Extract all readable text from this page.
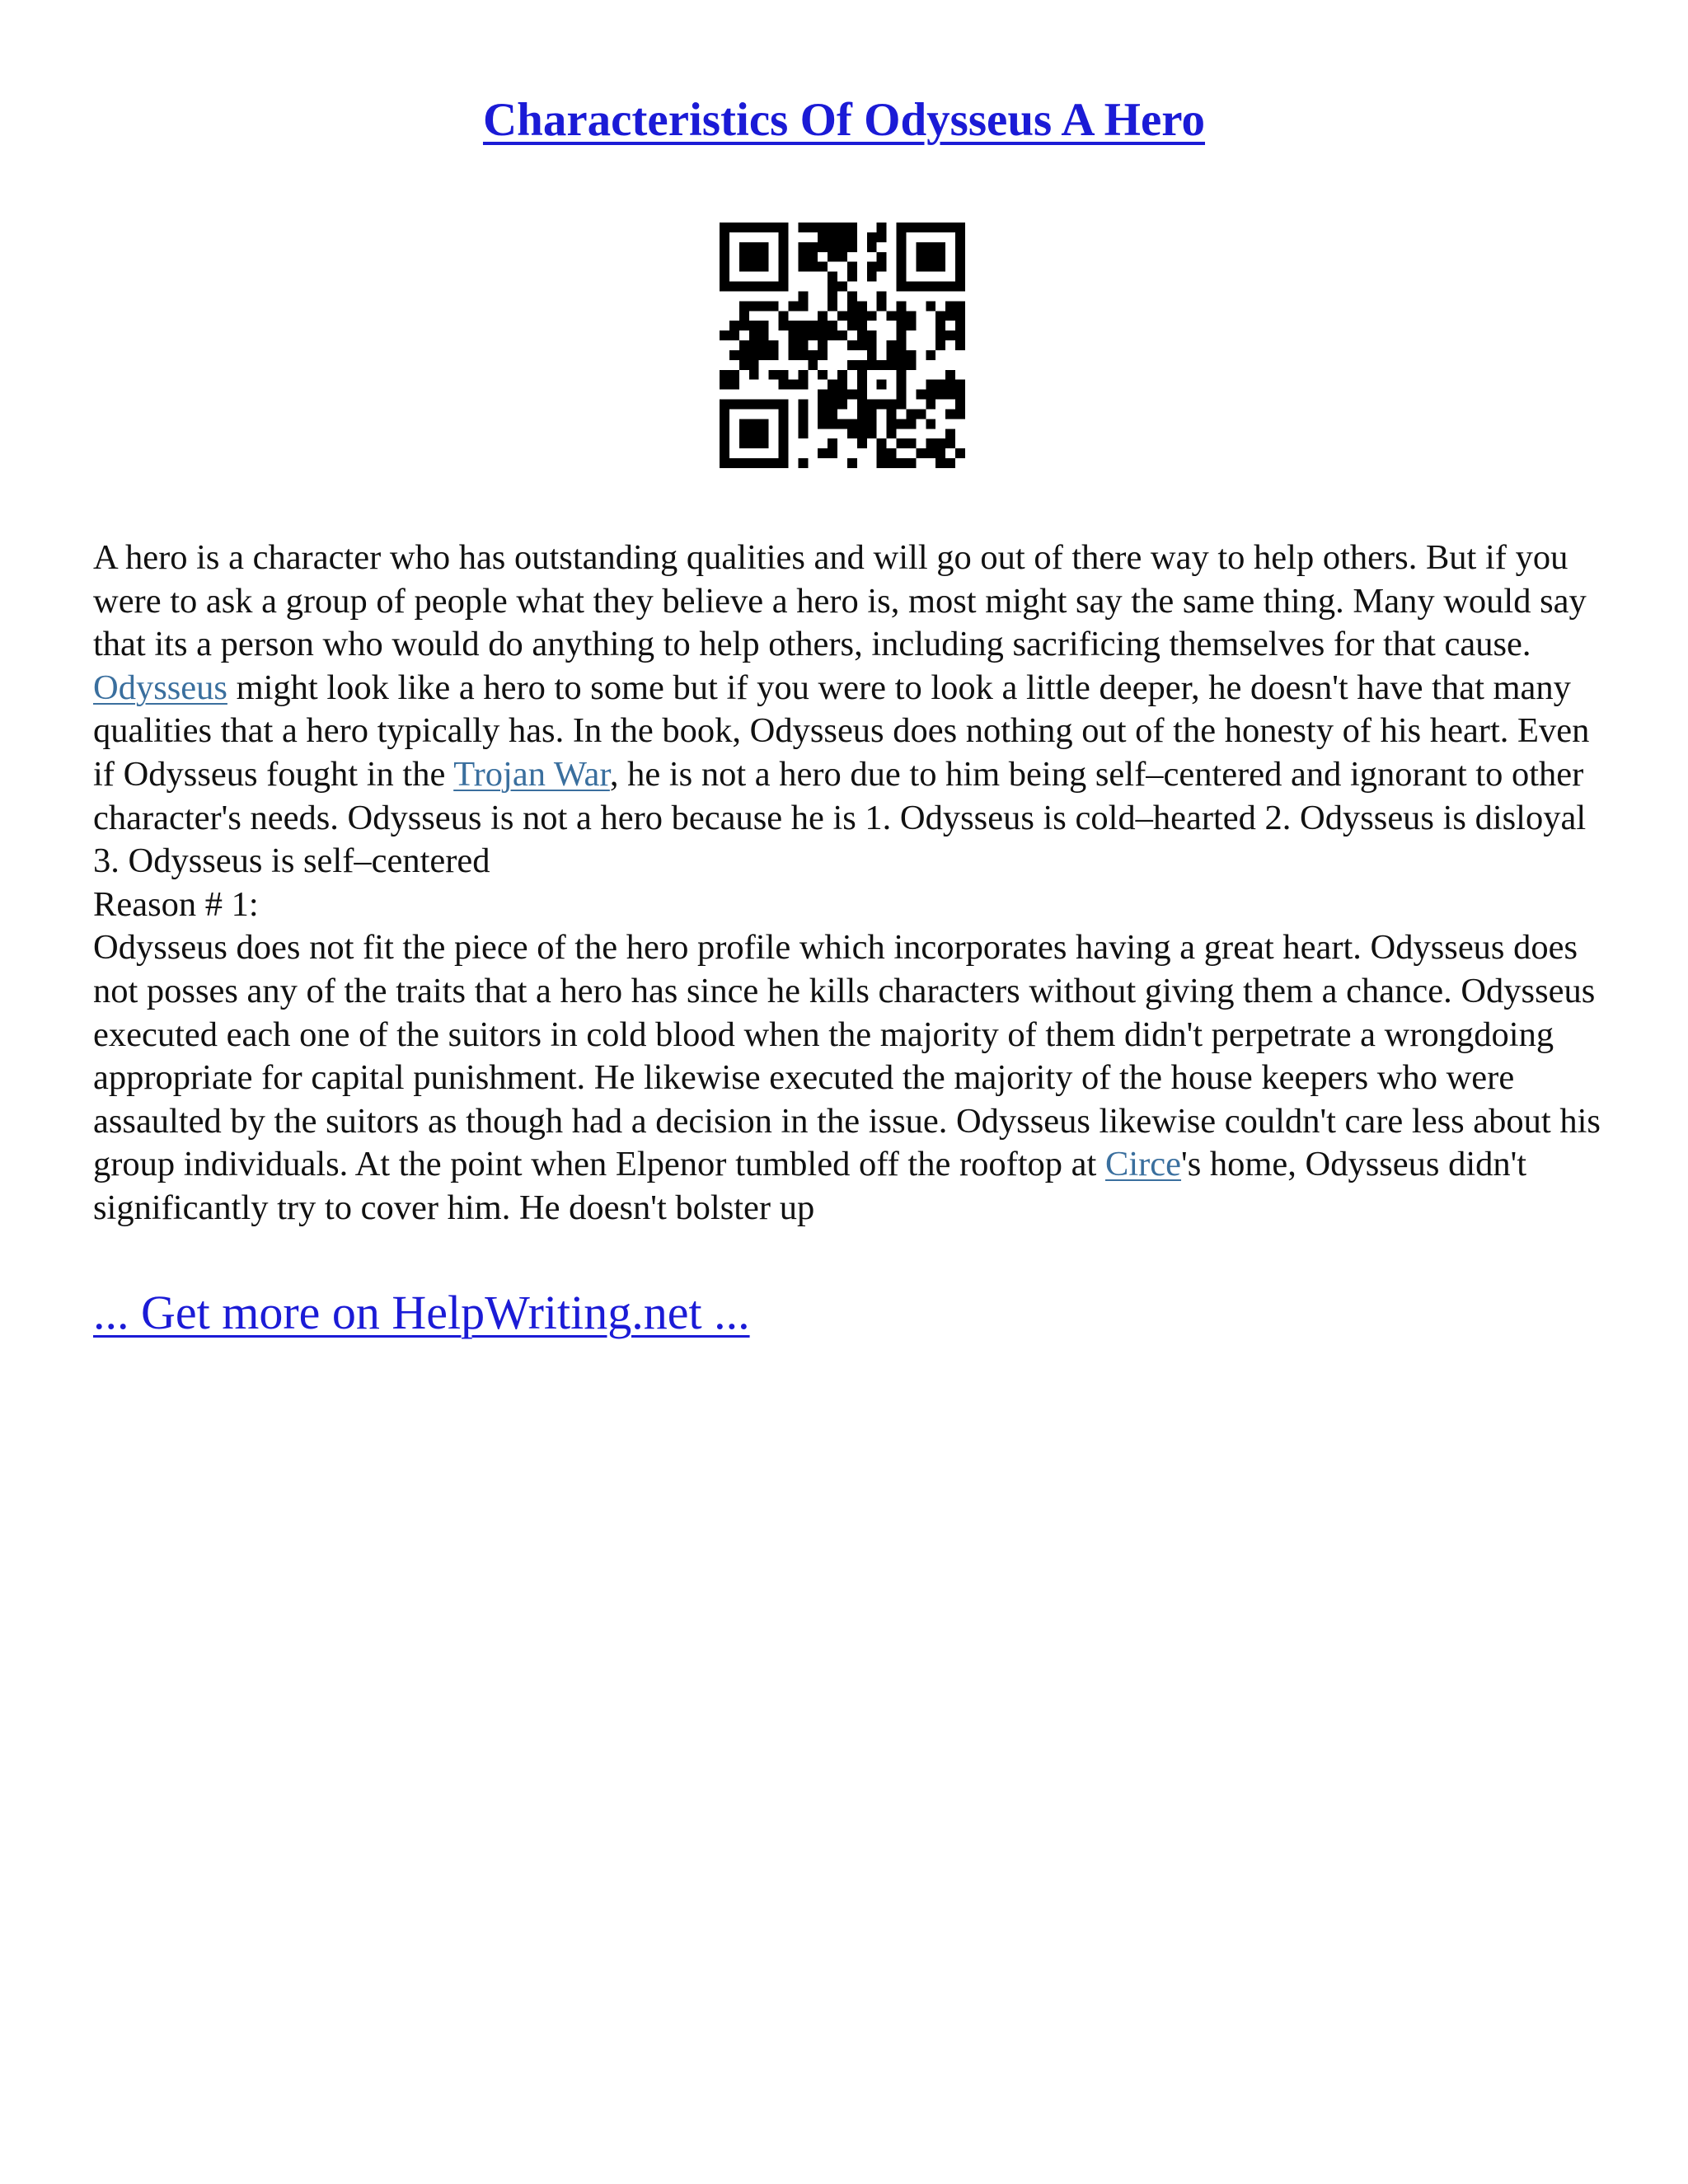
Characteristics Of Odysseus A Hero

A hero is a character who has outstanding qualities and will go out of there way to help others. But if you were to ask a group of people what they believe a hero is, most might say the same thing. Many would say that its a person who would do anything to help others, including sacrificing themselves for that cause. Odysseus might look like a hero to some but if you were to look a little deeper, he doesn't have that many qualities that a hero typically has. In the book, Odysseus does nothing out of the honesty of his heart. Even if Odysseus fought in the Trojan War, he is not a hero due to him being self–centered and ignorant to other character's needs. Odysseus is not a hero because he is 1. Odysseus is cold–hearted 2. Odysseus is disloyal 3. Odysseus is self–centered

Reason # 1:

Odysseus does not fit the piece of the hero profile which incorporates having a great heart. Odysseus does not posses any of the traits that a hero has since he kills characters without giving them a chance. Odysseus executed each one of the suitors in cold blood when the majority of them didn't perpetrate a wrongdoing appropriate for capital punishment. He likewise executed the majority of the house keepers who were assaulted by the suitors as though had a decision in the issue. Odysseus likewise couldn't care less about his group individuals. At the point when Elpenor tumbled off the rooftop at Circe's home, Odysseus didn't significantly try to cover him. He doesn't bolster up

... Get more on HelpWriting.net ...
